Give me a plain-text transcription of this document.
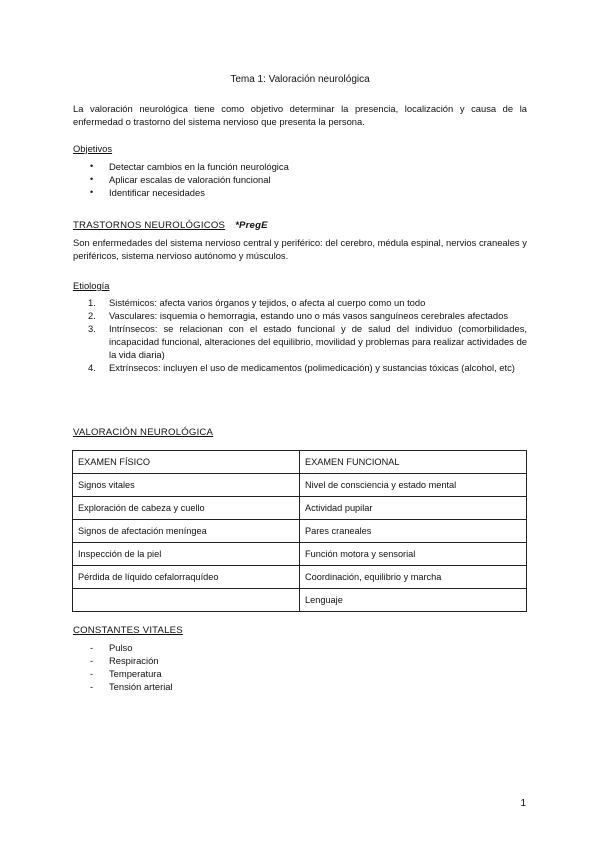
Tema 1: Valoración neurológica

La valoración neurológica tiene como objetivo determinar la presencia, localización y causa de la enfermedad o trastorno del sistema nervioso que presenta la persona.

Objetivos

• Detectar cambios en la función neurológica
• Aplicar escalas de valoración funcional
• Identificar necesidades

TRASTORNOS NEUROLÓGICOS *PregE

Son enfermedades del sistema nervioso central y periférico: del cerebro, médula espinal, nervios craneales y periféricos, sistema nervioso autónomo y músculos.

Etiología

1. Sistémicos: afecta varios órganos y tejidos, o afecta al cuerpo como un todo
2. Vasculares: isquemia o hemorragia, estando uno o más vasos sanguíneos cerebrales afectados
3. Intrínsecos: se relacionan con el estado funcional y de salud del individuo (comorbilidades, incapacidad funcional, alteraciones del equilibrio, movilidad y problemas para realizar actividades de la vida diaria)
4. Extrínsecos: incluyen el uso de medicamentos (polimedicación) y sustancias tóxicas (alcohol, etc)

VALORACIÓN NEUROLÓGICA

EXAMEN FÍSICO	EXAMEN FUNCIONAL
Signos vitales	Nivel de consciencia y estado mental
Exploración de cabeza y cuello	Actividad pupilar
Signos de afectación meníngea	Pares craneales
Inspección de la piel	Función motora y sensorial
Pérdida de líquido cefalorraquídeo	Coordinación, equilibrio y marcha
	Lenguaje

CONSTANTES VITALES

- Pulso
- Respiración
- Temperatura
- Tensión arterial
1
